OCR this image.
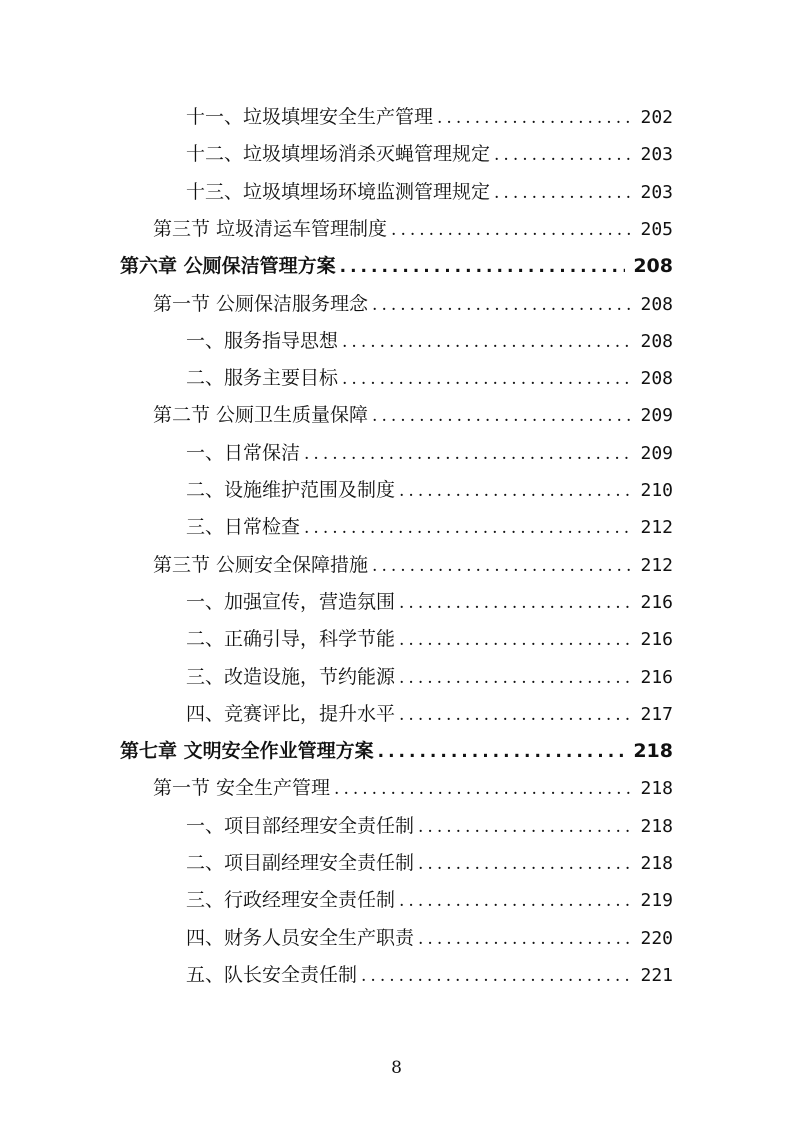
十一、垃圾填埋安全生产管理 .....	202
十二、垃圾填埋场消杀灭蝇管理规定 .....	203
十三、垃圾填埋场环境监测管理规定 .....	203
第三节 垃圾清运车管理制度 .....	205
第六章 公厕保洁管理方案 .....	208
第一节 公厕保洁服务理念 .....	208
一、服务指导思想 .....	208
二、服务主要目标 .....	208
第二节 公厕卫生质量保障 .....	209
一、日常保洁 .....	209
二、设施维护范围及制度 .....	210
三、日常检查 .....	212
第三节 公厕安全保障措施 .....	212
一、加强宣传，营造氛围 .....	216
二、正确引导，科学节能 .....	216
三、改造设施，节约能源 .....	216
四、竞赛评比，提升水平 .....	217
第七章 文明安全作业管理方案 .....	218
第一节 安全生产管理 .....	218
一、项目部经理安全责任制 .....	218
二、项目副经理安全责任制 .....	218
三、行政经理安全责任制 .....	219
四、财务人员安全生产职责 .....	220
五、队长安全责任制 .....	221
8
